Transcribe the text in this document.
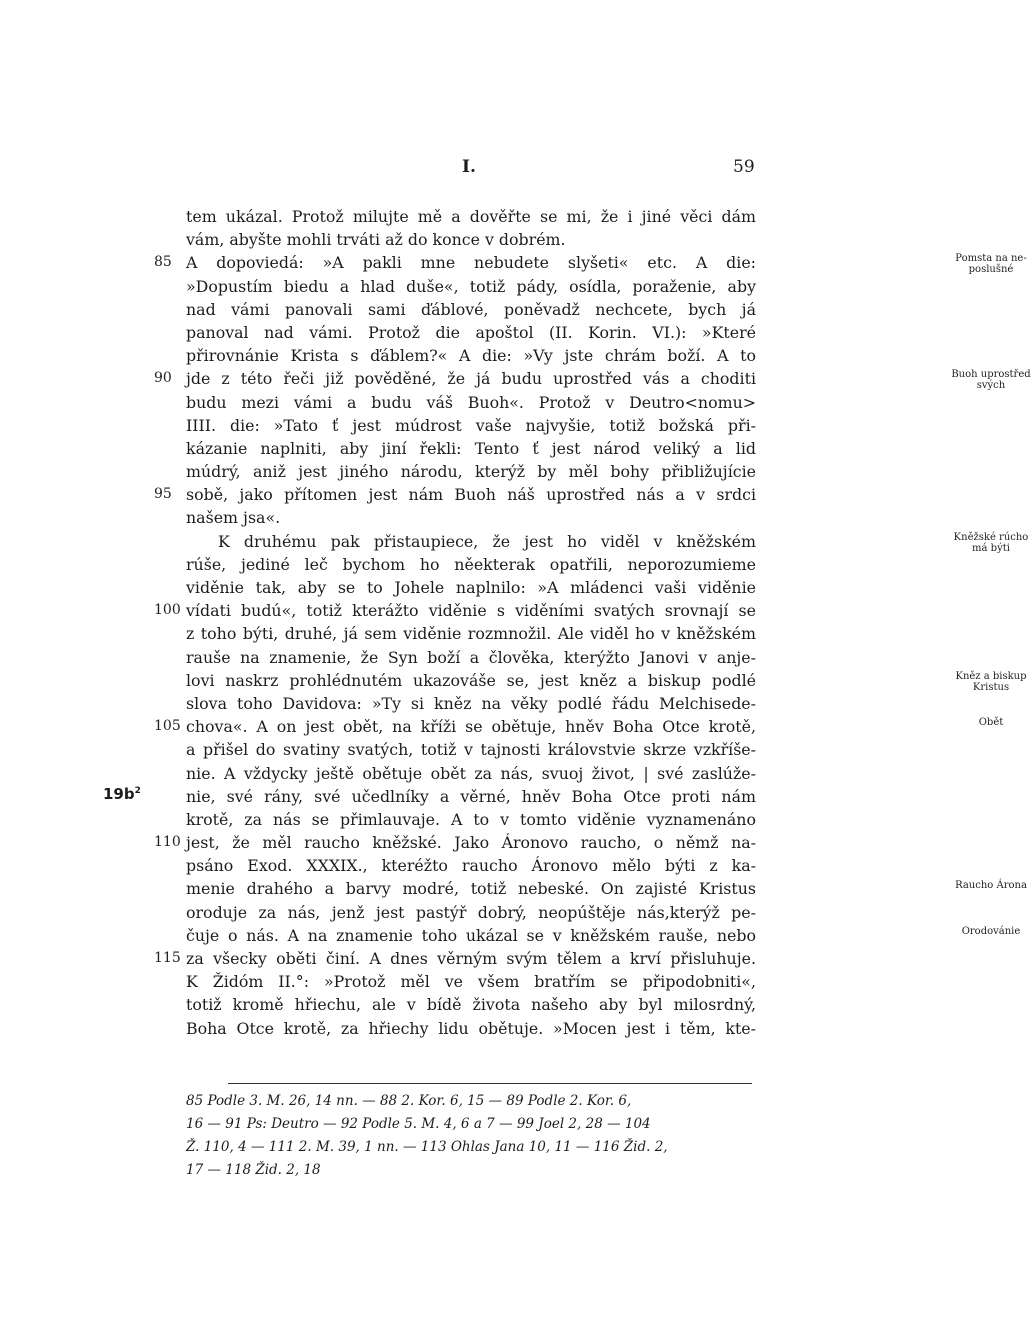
I.	59
$19b^2$
tem ukázal. Protož milujte mě a dověřte se mi, že i jiné věci dám
vám, abyšte mohli trváti až do konce v dobrém.
85 A dopoviedá: »A pakli mne nebudete slyšeti« etc. A die:
»Dopustím biedu a hlad duše«, totiž pády, osídla, poraženie, aby
nad vámi panovali sami ďáblové, poněvadž nechcete, bych já
panoval nad vámi. Protož die apoštol (II. Korin. VI.): »Které
přirovnánie Krista s ďáblem?« A die: »Vy jste chrám boží. A to
90 jde z této řeči již pověděné, že já budu uprostřed vás a choditi
budu mezi vámi a budu váš Buoh«. Protož v Deutro<nomu>
IIII. die: »Tato ť jest múdrost vaše najvyšie, totiž božská při-
kázanie naplniti, aby jiní řekli: Tento ť jest národ veliký a lid
múdrý, aniž jest jiného národu, kterýž by měl bohy přibližujície
95 sobě, jako přítomen jest nám Buoh náš uprostřed nás a v srdci
našem jsa«.
K druhému pak přistaupiece, že jest ho viděl v kněžském
rúše, jediné leč bychom ho něekterak opatřili, neporozumieme
viděnie tak, aby se to Johele naplnilo: »A mládenci vaši viděnie
100 vídati budú«, totiž kterážto viděnie s viděními svatých srovnají se
z toho býti, druhé, já sem viděnie rozmnožil. Ale viděl ho v kněžském
rauše na znamenie, že Syn boží a člověka, kterýžto Janovi v anje-
lovi naskrz prohlédnutém ukazováše se, jest kněz a biskup podlé
slova toho Davidova: »Ty si kněz na věky podlé řádu Melchisede-
105 chova«. A on jest obět, na kříži se obětuje, hněv Boha Otce krotě,
a přišel do svatiny svatých, totiž v tajnosti královstvie skrze vzkříše-
nie. A vždycky ještě obětuje obět za nás, svuoj život, | své zaslúže-
nie, své rány, své učedlníky a věrné, hněv Boha Otce proti nám
krotě, za nás se přimlauvaje. A to v tomto viděnie vyznamenáno
110 jest, že měl raucho kněžské. Jako Áronovo raucho, o němž na-
psáno Exod. XXXIX., kteréžto raucho Áronovo mělo býti z ka-
menie drahého a barvy modré, totiž nebeské. On zajisté Kristus
oroduje za nás, jenž jest pastýř dobrý, neopúštěje nás,kterýž pe-
čuje o nás. A na znamenie toho ukázal se v kněžském rauše, nebo
115 za všecky oběti činí. A dnes věrným svým tělem a krví přisluhuje.
K Židóm II.°: »Protož měl ve všem bratřím se připodobniti«,
totiž kromě hřiechu, ale v bídě života našeho aby byl milosrdný,
Boha Otce krotě, za hřiechy lidu obětuje. »Mocen jest i těm, kte-
Pomsta na ne-poslušné
Buoh uprostřed svých
Kněžské rúcho má býti
Kněz a biskup Kristus
Obět
Raucho Árona
Orodovánie
85 Podle 3. M. 26, 14 nn. — 88 2. Kor. 6, 15 — 89 Podle 2. Kor. 6,
16 — 91 Ps: Deutro — 92 Podle 5. M. 4, 6 a 7 — 99 Joel 2, 28 — 104
Ž. 110, 4 — 111 2. M. 39, 1 nn. — 113 Ohlas Jana 10, 11 — 116 Žid. 2,
17 — 118 Žid. 2, 18
